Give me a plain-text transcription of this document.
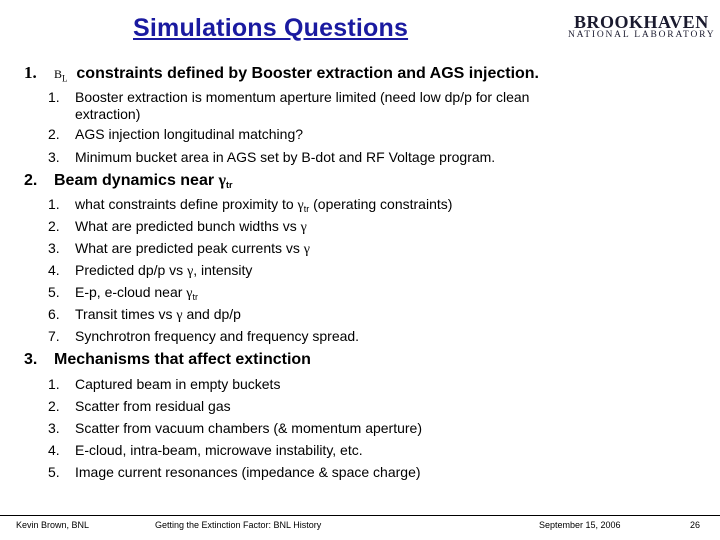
Simulations Questions	BROOKHAVEN
NATIONAL LABORATORY
1. $B_L$ constraints defined by Booster extraction and AGS injection.
1. Booster extraction is momentum aperture limited (need low dp/p for clean
extraction)
2. AGS injection longitudinal matching?
3. Minimum bucket area in AGS set by B-dot and RF Voltage program.
2. Beam dynamics near $\gamma_{tr}$
1. what constraints define proximity to $\gamma_{tr}$ (operating constraints)
2. What are predicted bunch widths vs γ
3. What are predicted peak currents vs γ
4. Predicted dp/p vs γ, intensity
5. E-p, e-cloud near $\gamma_{tr}$
6. Transit times vs γ and dp/p
7. Synchrotron frequency and frequency spread.
3. Mechanisms that affect extinction
1. Captured beam in empty buckets
2. Scatter from residual gas
3. Scatter from vacuum chambers (& momentum aperture)
4. E-cloud, intra-beam, microwave instability, etc.
5. Image current resonances (impedance & space charge)
Kevin Brown, BNL	Getting the Extinction Factor: BNL History	September 15, 2006	26
